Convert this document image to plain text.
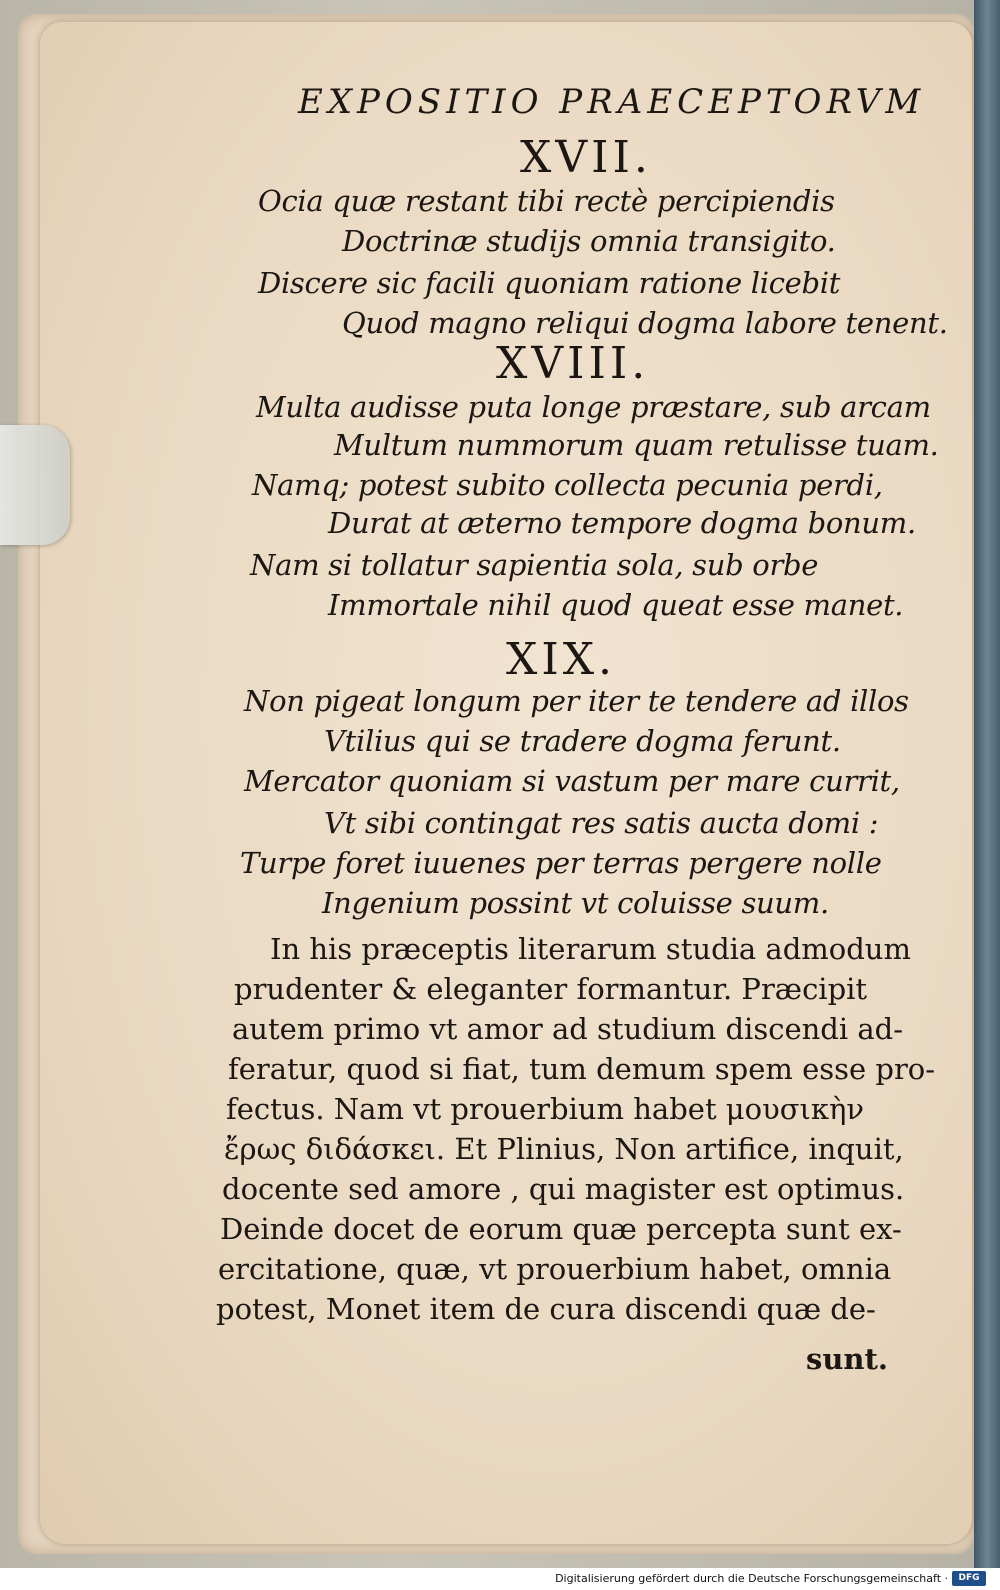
EXPOSITIO PRAECEPTORVM
XVII.
Ocia quæ restant tibi rectè percipiendis
Doctrinæ studijs omnia transigito.
Discere sic facili quoniam ratione licebit
Quod magno reliqui dogma labore tenent.
XVIII.
Multa audisse puta longe præstare, sub arcam
Multum nummorum quam retulisse tuam.
Namq; potest subito collecta pecunia perdi,
Durat at æterno tempore dogma bonum.
Nam si tollatur sapientia sola, sub orbe
Immortale nihil quod queat esse manet.
XIX.
Non pigeat longum per iter te tendere ad illos
Vtilius qui se tradere dogma ferunt.
Mercator quoniam si vastum per mare currit,
Vt sibi contingat res satis aucta domi :
Turpe foret iuuenes per terras pergere nolle
Ingenium possint vt coluisse suum.
In his præceptis literarum studia admodum
prudenter & eleganter formantur. Præcipit
autem primo vt amor ad studium discendi ad-
feratur, quod si fiat, tum demum spem esse pro-
fectus. Nam vt prouerbium habet μουσικὴν
ἔρως διδάσκει. Et Plinius, Non artifice, inquit,
docente sed amore , qui magister est optimus.
Deinde docet de eorum quæ percepta sunt ex-
ercitatione, quæ, vt prouerbium habet, omnia
potest, Monet item de cura discendi quæ de-
sunt.
Digitalisierung gefördert durch die Deutsche Forschungsgemeinschaft ·	DFG
